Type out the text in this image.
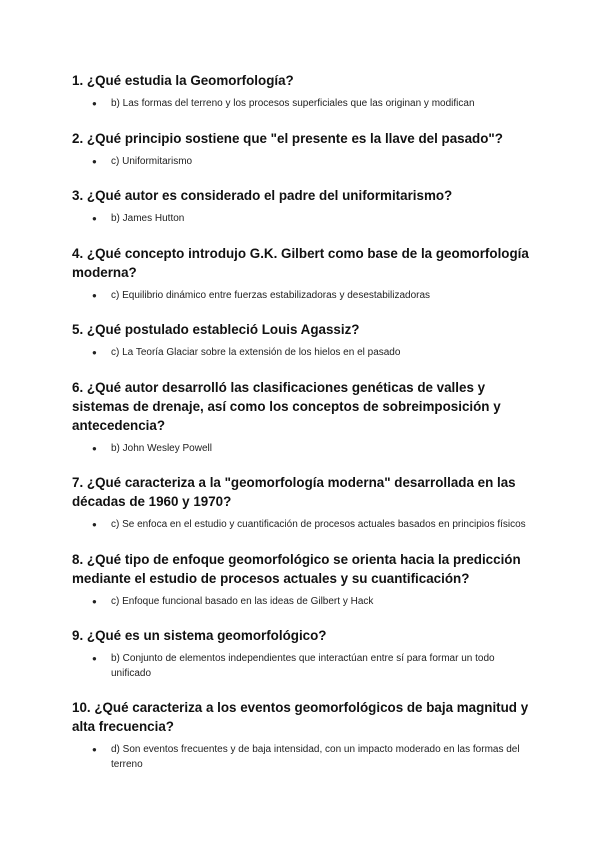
1. ¿Qué estudia la Geomorfología?

● b) Las formas del terreno y los procesos superficiales que las originan y modifican

2. ¿Qué principio sostiene que "el presente es la llave del pasado"?

● c) Uniformitarismo

3. ¿Qué autor es considerado el padre del uniformitarismo?

● b) James Hutton

4. ¿Qué concepto introdujo G.K. Gilbert como base de la geomorfología moderna?

● c) Equilibrio dinámico entre fuerzas estabilizadoras y desestabilizadoras

5. ¿Qué postulado estableció Louis Agassiz?

● c) La Teoría Glaciar sobre la extensión de los hielos en el pasado

6. ¿Qué autor desarrolló las clasificaciones genéticas de valles y sistemas de drenaje, así como los conceptos de sobreimposición y antecedencia?

● b) John Wesley Powell

7. ¿Qué caracteriza a la "geomorfología moderna" desarrollada en las décadas de 1960 y 1970?

● c) Se enfoca en el estudio y cuantificación de procesos actuales basados en principios físicos

8. ¿Qué tipo de enfoque geomorfológico se orienta hacia la predicción mediante el estudio de procesos actuales y su cuantificación?

● c) Enfoque funcional basado en las ideas de Gilbert y Hack

9. ¿Qué es un sistema geomorfológico?

● b) Conjunto de elementos independientes que interactúan entre sí para formar un todo unificado

10. ¿Qué caracteriza a los eventos geomorfológicos de baja magnitud y alta frecuencia?

● d) Son eventos frecuentes y de baja intensidad, con un impacto moderado en las formas del terreno
